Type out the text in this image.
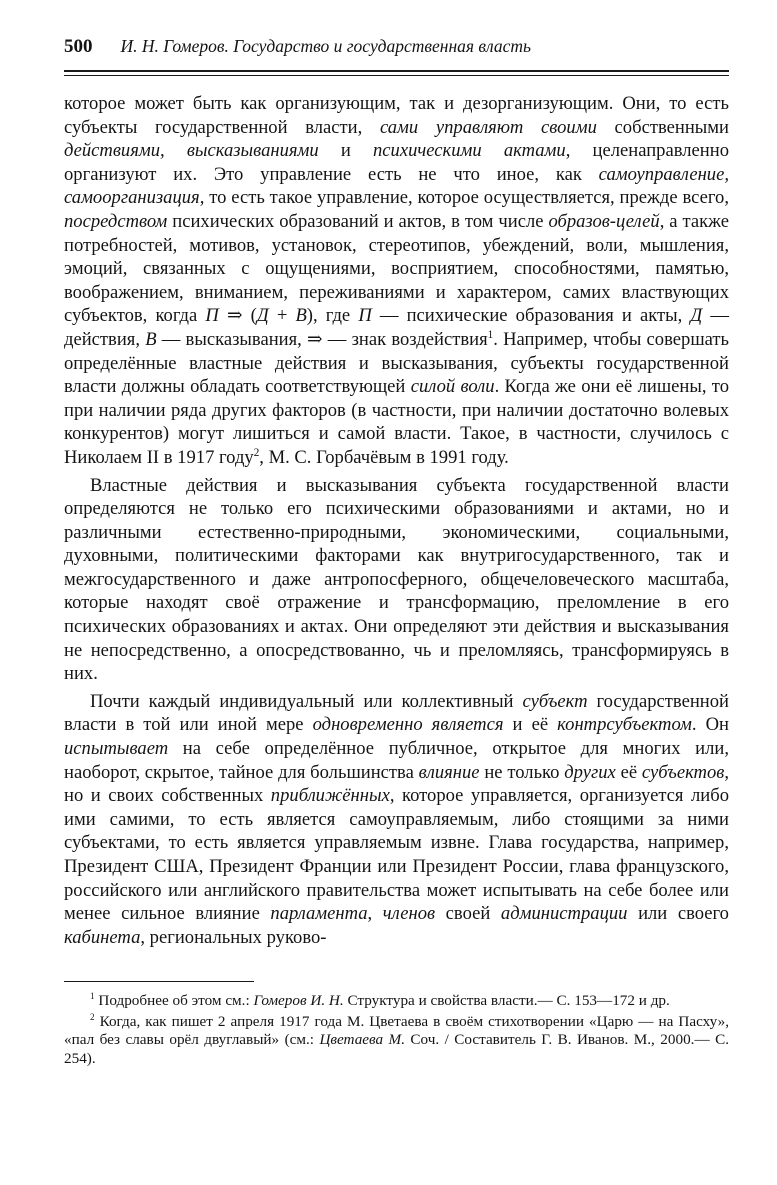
500 И. Н. Гомеров. Государство и государственная власть

которое может быть как организующим, так и дезорганизующим. Они, то есть субъекты государственной власти, сами управляют своими собственными действиями, высказываниями и психическими актами, целенаправленно организуют их. Это управление есть не что иное, как самоуправление, самоорганизация, то есть такое управление, которое осуществляется, прежде всего, посредством психических образований и актов, в том числе образов-целей, а также потребностей, мотивов, установок, стереотипов, убеждений, воли, мышления, эмоций, связанных с ощущениями, восприятием, способностями, памятью, воображением, вниманием, переживаниями и характером, самих властвующих субъектов, когда П ⇒ (Д + В), где П — психические образования и акты, Д — действия, В — высказывания, ⇒ — знак воздействия$^1$. Например, чтобы совершать определённые властные действия и высказывания, субъекты государственной власти должны обладать соответствующей силой воли. Когда же они её лишены, то при наличии ряда других факторов (в частности, при наличии достаточно волевых конкурентов) могут лишиться и самой власти. Такое, в частности, случилось с Николаем II в 1917 году$^2$, М. С. Горбачёвым в 1991 году.

Властные действия и высказывания субъекта государственной власти определяются не только его психическими образованиями и актами, но и различными естественно-природными, экономическими, социальными, духовными, политическими факторами как внутригосударственного, так и межгосударственного и даже антропосферного, общечеловеческого масштаба, которые находят своё отражение и трансформацию, преломление в его психических образованиях и актах. Они определяют эти действия и высказывания не непосредственно, а опосредствованно, чь и преломляясь, трансформируясь в них.

Почти каждый индивидуальный или коллективный субъект государственной власти в той или иной мере одновременно является и её контрсубъектом. Он испытывает на себе определённое публичное, открытое для многих или, наоборот, скрытое, тайное для большинства влияние не только других её субъектов, но и своих собственных приближённых, которое управляется, организуется либо ими самими, то есть является самоуправляемым, либо стоящими за ними субъектами, то есть является управляемым извне. Глава государства, например, Президент США, Президент Франции или Президент России, глава французского, российского или английского правительства может испытывать на себе более или менее сильное влияние парламента, членов своей администрации или своего кабинета, региональных руково-

$^1$ Подробнее об этом см.: Гомеров И. Н. Структура и свойства власти.— С. 153—172 и др.

$^2$ Когда, как пишет 2 апреля 1917 года М. Цветаева в своём стихотворении «Царю — на Пасху», «пал без славы орёл двуглавый» (см.: Цветаева М. Соч. / Составитель Г. В. Иванов. М., 2000.— С. 254).
